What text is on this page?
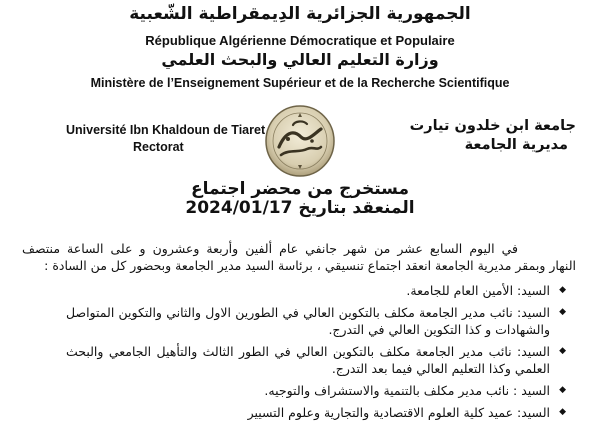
الجمهورية الجزائرية الدِيمقراطية الشّعبية
République Algérienne Démocratique et Populaire
وزارة التعليم العالي والبحث العلمي
Ministère de l’Enseignement Supérieur et de la Recherche Scientifique
Université Ibn Khaldoun de Tiaret
Rectorat
جامعة ابن خلدون تيارت
مديرية الجامعة
مستخرج من محضر اجتماع
المنعقد بتاريخ 2024/01/17
في اليوم السابع عشر من شهر جانفي عام ألفين وأربعة وعشرون و على الساعة منتصف
النهار وبمقر مديرية الجامعة انعقد اجتماع تنسيقي ، برئاسة السيد مدير الجامعة وبحضور كل من السادة :
◆ السيد: الأمين العام للجامعة.
◆ السيد: نائب مدير الجامعة مكلف بالتكوين العالي في الطورين الاول والثاني والتكوين المتواصل والشهادات و كذا التكوين العالي في التدرج.
◆ السيد: نائب مدير الجامعة مكلف بالتكوين العالي في الطور الثالث والتأهيل الجامعي والبحث العلمي وكذا التعليم العالي فيما بعد التدرج.
◆ السيد : نائب مدير مكلف بالتنمية والاستشراف والتوجيه.
◆ السيد: عميد كلية العلوم الاقتصادية والتجارية وعلوم التسيير
